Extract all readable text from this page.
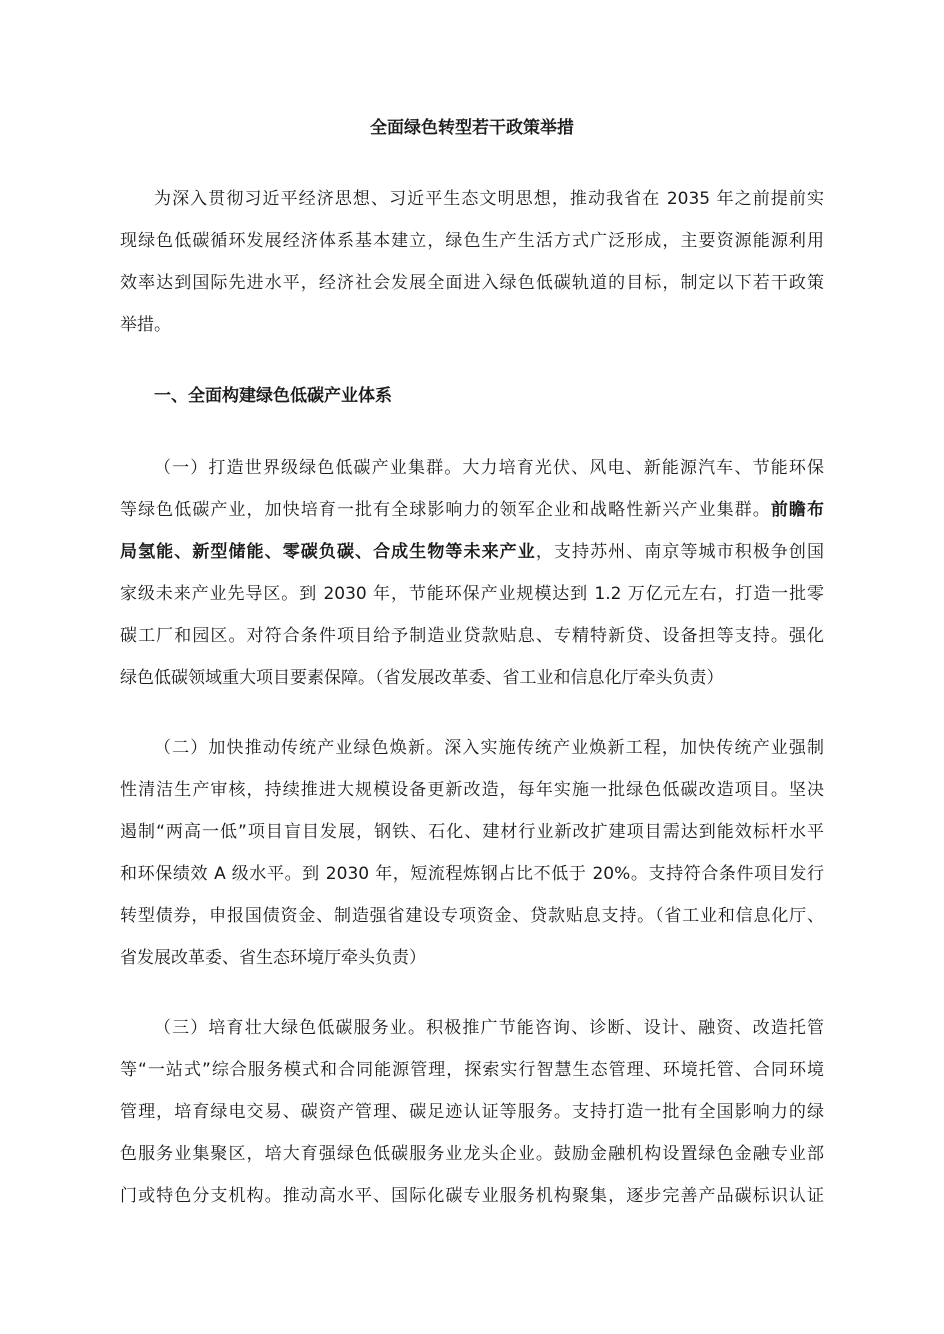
全面绿色转型若干政策举措
为深入贯彻习近平经济思想、习近平生态文明思想，推动我省在 2035 年之前提前实
现绿色低碳循环发展经济体系基本建立，绿色生产生活方式广泛形成，主要资源能源利用
效率达到国际先进水平，经济社会发展全面进入绿色低碳轨道的目标，制定以下若干政策
举措。
一、全面构建绿色低碳产业体系
（一）打造世界级绿色低碳产业集群。大力培育光伏、风电、新能源汽车、节能环保
等绿色低碳产业，加快培育一批有全球影响力的领军企业和战略性新兴产业集群。前瞻布
局氢能、新型储能、零碳负碳、合成生物等未来产业，支持苏州、南京等城市积极争创国
家级未来产业先导区。到 2030 年，节能环保产业规模达到 1.2 万亿元左右，打造一批零
碳工厂和园区。对符合条件项目给予制造业贷款贴息、专精特新贷、设备担等支持。强化
绿色低碳领域重大项目要素保障。（省发展改革委、省工业和信息化厅牵头负责）
（二）加快推动传统产业绿色焕新。深入实施传统产业焕新工程，加快传统产业强制
性清洁生产审核，持续推进大规模设备更新改造，每年实施一批绿色低碳改造项目。坚决
遏制“两高一低”项目盲目发展，钢铁、石化、建材行业新改扩建项目需达到能效标杆水平
和环保绩效 A 级水平。到 2030 年，短流程炼钢占比不低于 20%。支持符合条件项目发行
转型债券，申报国债资金、制造强省建设专项资金、贷款贴息支持。（省工业和信息化厅、
省发展改革委、省生态环境厅牵头负责）
（三）培育壮大绿色低碳服务业。积极推广节能咨询、诊断、设计、融资、改造托管
等“一站式”综合服务模式和合同能源管理，探索实行智慧生态管理、环境托管、合同环境
管理，培育绿电交易、碳资产管理、碳足迹认证等服务。支持打造一批有全国影响力的绿
色服务业集聚区，培大育强绿色低碳服务业龙头企业。鼓励金融机构设置绿色金融专业部
门或特色分支机构。推动高水平、国际化碳专业服务机构聚集，逐步完善产品碳标识认证
